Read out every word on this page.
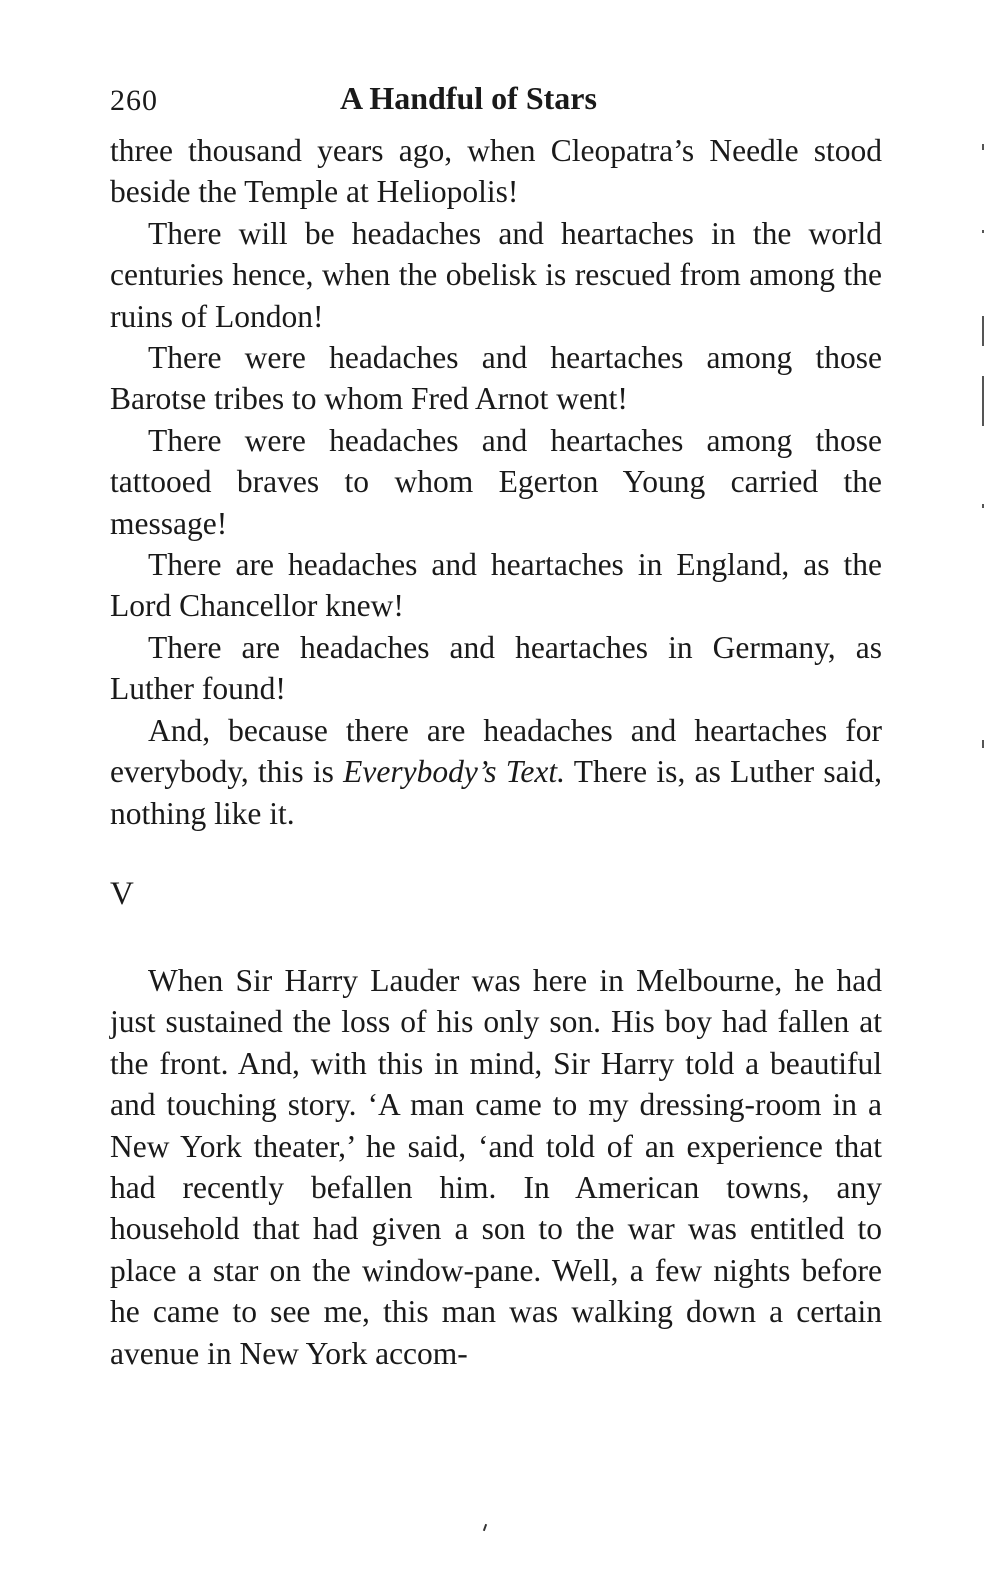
260	A Handful of Stars

three thousand years ago, when Cleopatra’s Needle stood beside the Temple at Heliopolis!

There will be headaches and heartaches in the world centuries hence, when the obelisk is rescued from among the ruins of London!

There were headaches and heartaches among those Barotse tribes to whom Fred Arnot went!

There were headaches and heartaches among those tattooed braves to whom Egerton Young carried the message!

There are headaches and heartaches in England, as the Lord Chancellor knew!

There are headaches and heartaches in Germany, as Luther found!

And, because there are headaches and heartaches for everybody, this is Everybody’s Text. There is, as Luther said, nothing like it.

V

When Sir Harry Lauder was here in Melbourne, he had just sustained the loss of his only son. His boy had fallen at the front. And, with this in mind, Sir Harry told a beautiful and touching story. ‘A man came to my dressing-room in a New York theater,’ he said, ‘and told of an experience that had recently befallen him. In American towns, any household that had given a son to the war was entitled to place a star on the window-pane. Well, a few nights before he came to see me, this man was walking down a certain avenue in New York accom-
